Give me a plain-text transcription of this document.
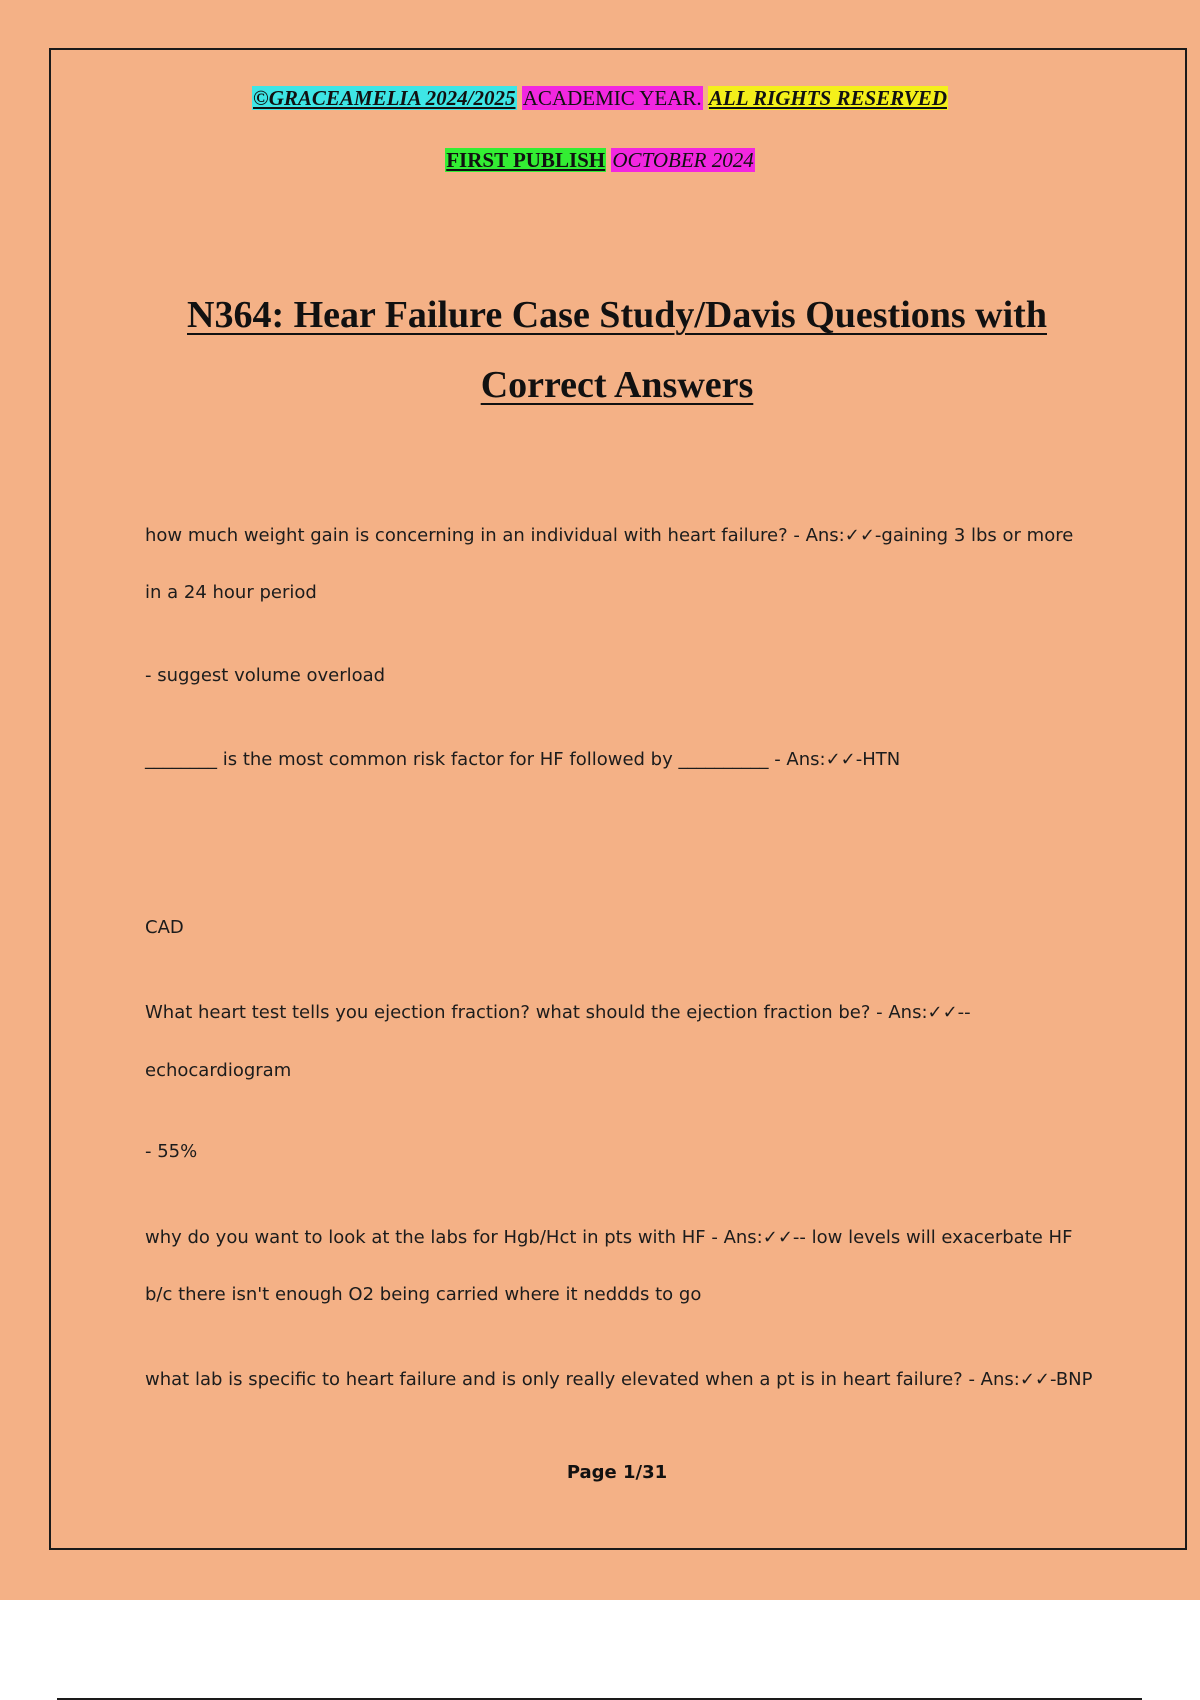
©GRACEAMELIA 2024/2025 ACADEMIC YEAR. ALL RIGHTS RESERVED
FIRST PUBLISH OCTOBER 2024
N364: Hear Failure Case Study/Davis Questions with
Correct Answers
how much weight gain is concerning in an individual with heart failure? - Ans:✓✓-gaining 3 lbs or more
in a 24 hour period
- suggest volume overload
________ is the most common risk factor for HF followed by __________ - Ans:✓✓-HTN
CAD
What heart test tells you ejection fraction? what should the ejection fraction be? - Ans:✓✓--
echocardiogram
- 55%
why do you want to look at the labs for Hgb/Hct in pts with HF - Ans:✓✓-- low levels will exacerbate HF
b/c there isn't enough O2 being carried where it neddds to go
what lab is specific to heart failure and is only really elevated when a pt is in heart failure? - Ans:✓✓-BNP
Page 1/31
